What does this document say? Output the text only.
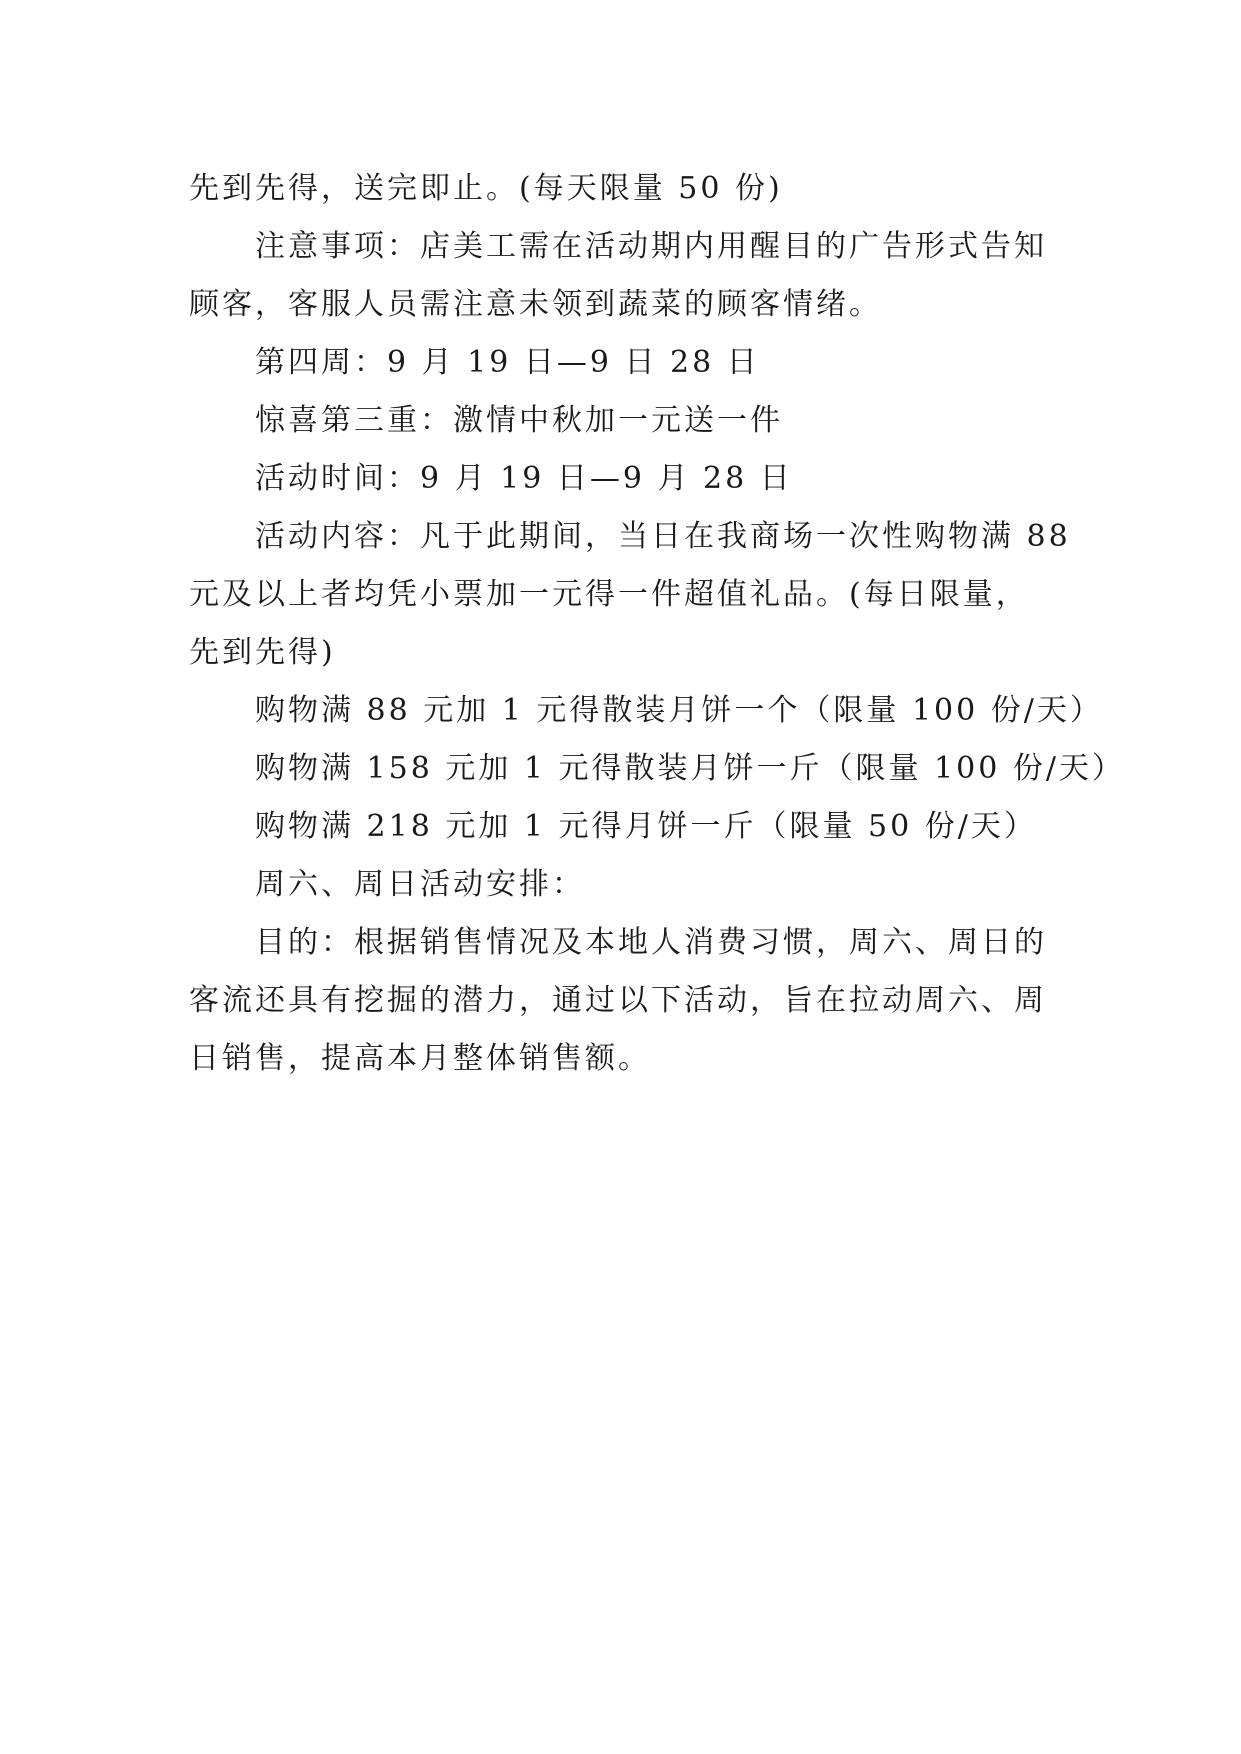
先到先得，送完即止。(每天限量 50 份)

注意事项：店美工需在活动期内用醒目的广告形式告知
顾客，客服人员需注意未领到蔬菜的顾客情绪。

第四周：9 月 19 日—9 日 28 日

惊喜第三重：激情中秋加一元送一件

活动时间：9 月 19 日—9 月 28 日

活动内容：凡于此期间，当日在我商场一次性购物满 88
元及以上者均凭小票加一元得一件超值礼品。(每日限量，
先到先得)

购物满 88 元加 1 元得散装月饼一个（限量 100 份/天）

购物满 158 元加 1 元得散装月饼一斤（限量 100 份/天）

购物满 218 元加 1 元得月饼一斤（限量 50 份/天）

周六、周日活动安排：

目的：根据销售情况及本地人消费习惯，周六、周日的
客流还具有挖掘的潜力，通过以下活动，旨在拉动周六、周
日销售，提高本月整体销售额。
